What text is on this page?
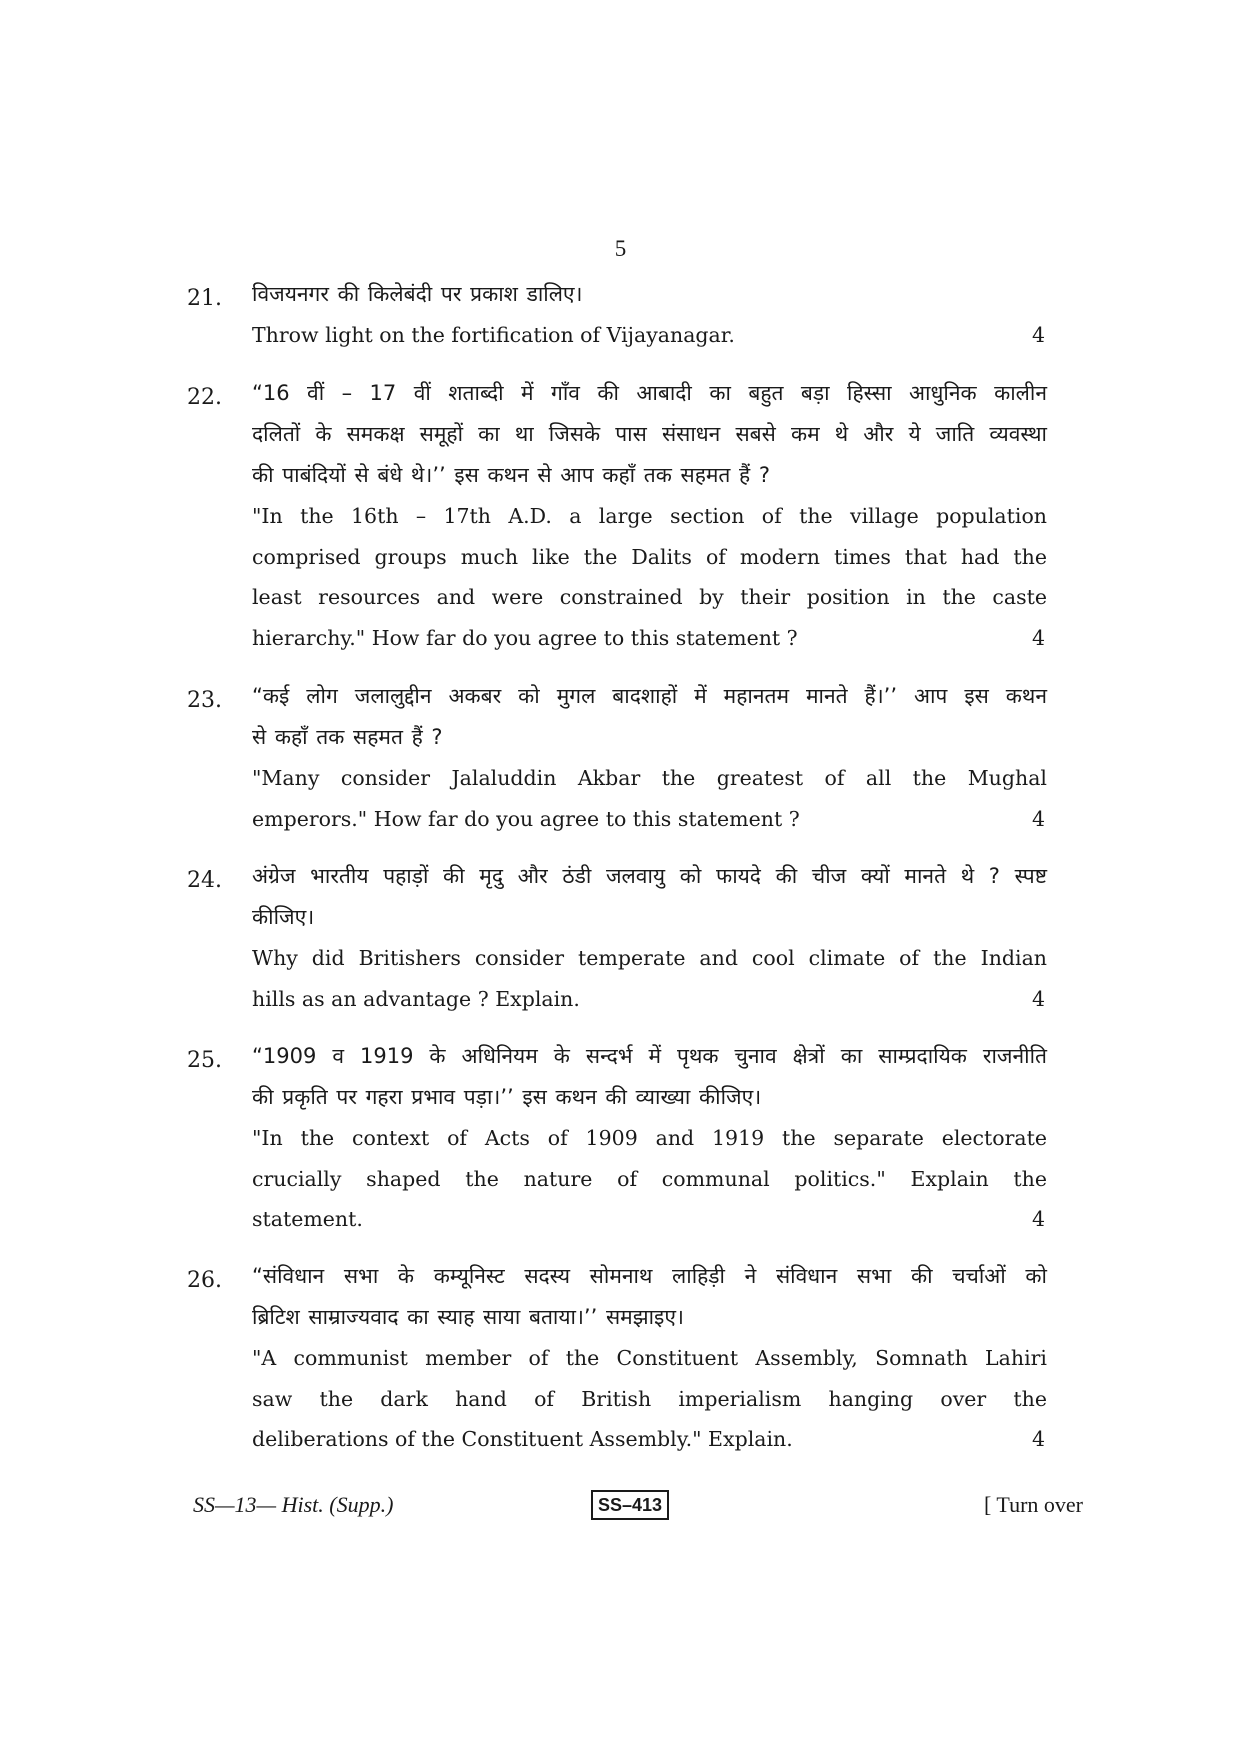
5
21. विजयनगर की किलेबंदी पर प्रकाश डालिए।

Throw light on the fortification of Vijayanagar.	4
22. “16 वीं – 17 वीं शताब्दी में गाँव की आबादी का बहुत बड़ा हिस्सा आधुनिक कालीन

दलितों के समकक्ष समूहों का था जिसके पास संसाधन सबसे कम थे और ये जाति व्यवस्था

की पाबंदियों से बंधे थे।’’ इस कथन से आप कहाँ तक सहमत हैं ?

"In the 16th – 17th A.D. a large section of the village population

comprised groups much like the Dalits of modern times that had the

least resources and were constrained by their position in the caste

hierarchy." How far do you agree to this statement ?	4
23. “कई लोग जलालुद्दीन अकबर को मुगल बादशाहों में महानतम मानते हैं।’’ आप इस कथन

से कहाँ तक सहमत हैं ?

"Many consider Jalaluddin Akbar the greatest of all the Mughal

emperors." How far do you agree to this statement ?	4
24. अंग्रेज भारतीय पहाड़ों की मृदु और ठंडी जलवायु को फायदे की चीज क्यों मानते थे ? स्पष्ट

कीजिए।

Why did Britishers consider temperate and cool climate of the Indian

hills as an advantage ? Explain.	4
25. “1909 व 1919 के अधिनियम के सन्दर्भ में पृथक चुनाव क्षेत्रों का साम्प्रदायिक राजनीति

की प्रकृति पर गहरा प्रभाव पड़ा।’’ इस कथन की व्याख्या कीजिए।

"In the context of Acts of 1909 and 1919 the separate electorate

crucially shaped the nature of communal politics." Explain the

statement.	4
26. “संविधान सभा के कम्यूनिस्ट सदस्य सोमनाथ लाहिड़ी ने संविधान सभा की चर्चाओं को

ब्रिटिश साम्राज्यवाद का स्याह साया बताया।’’ समझाइए।

"A communist member of the Constituent Assembly, Somnath Lahiri

saw the dark hand of British imperialism hanging over the

deliberations of the Constituent Assembly." Explain.	4
SS—13— Hist. (Supp.)	SS–413	[ Turn over
